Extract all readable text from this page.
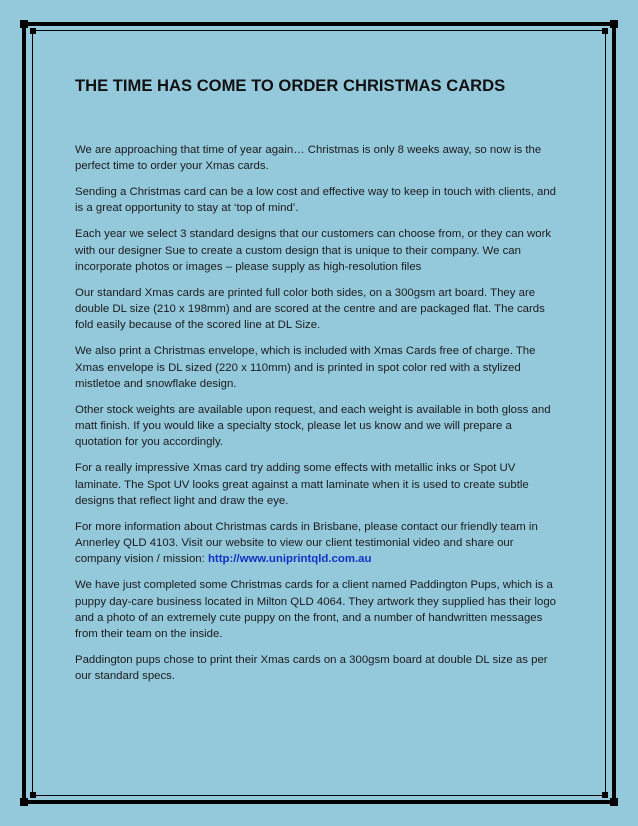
THE TIME HAS COME TO ORDER CHRISTMAS CARDS

We are approaching that time of year again… Christmas is only 8 weeks away, so now is the perfect time to order your Xmas cards.

Sending a Christmas card can be a low cost and effective way to keep in touch with clients, and is a great opportunity to stay at ‘top of mind’.

Each year we select 3 standard designs that our customers can choose from, or they can work with our designer Sue to create a custom design that is unique to their company. We can incorporate photos or images – please supply as high-resolution files

Our standard Xmas cards are printed full color both sides, on a 300gsm art board. They are double DL size (210 x 198mm) and are scored at the centre and are packaged flat. The cards fold easily because of the scored line at DL Size.

We also print a Christmas envelope, which is included with Xmas Cards free of charge. The Xmas envelope is DL sized (220 x 110mm) and is printed in spot color red with a stylized mistletoe and snowflake design.

Other stock weights are available upon request, and each weight is available in both gloss and matt finish. If you would like a specialty stock, please let us know and we will prepare a quotation for you accordingly.

For a really impressive Xmas card try adding some effects with metallic inks or Spot UV laminate. The Spot UV looks great against a matt laminate when it is used to create subtle designs that reflect light and draw the eye.

For more information about Christmas cards in Brisbane, please contact our friendly team in Annerley QLD 4103. Visit our website to view our client testimonial video and share our company vision / mission: http://www.uniprintqld.com.au

We have just completed some Christmas cards for a client named Paddington Pups, which is a puppy day-care business located in Milton QLD 4064. They artwork they supplied has their logo and a photo of an extremely cute puppy on the front, and a number of handwritten messages from their team on the inside.

Paddington pups chose to print their Xmas cards on a 300gsm board at double DL size as per our standard specs.
